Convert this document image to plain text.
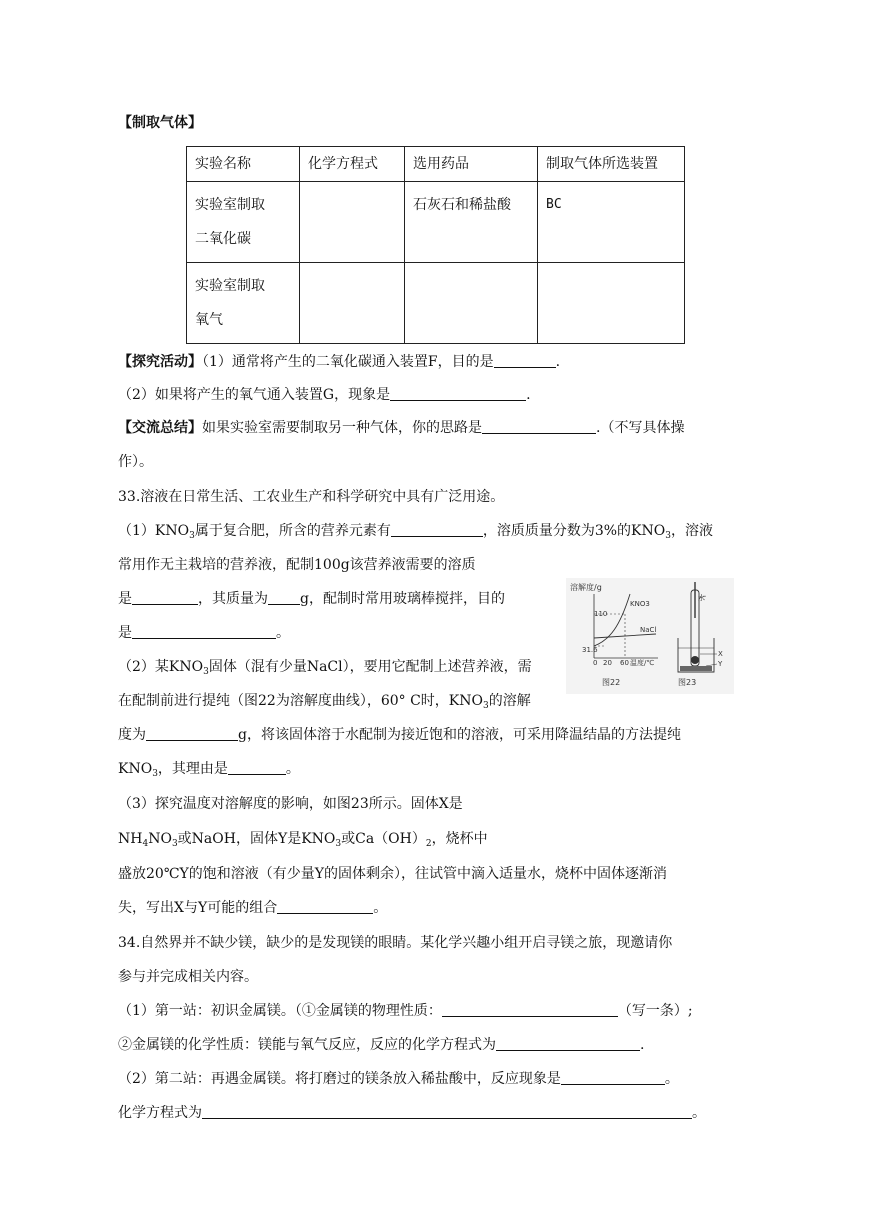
【制取气体】
实验名称	化学方程式	选用药品	制取气体所选装置

实验室制取
二氧化碳		石灰石和稀盐酸	BC

实验室制取
氧气			

【探究活动】（1）通常将产生的二氧化碳通入装置F，目的是	.
（2）如果将产生的氧气通入装置G，现象是	.
【交流总结】如果实验室需要制取另一种气体，你的思路是	.（不写具体操
作）。
33.溶液在日常生活、工农业生产和科学研究中具有广泛用途。
$(1)KNO_3$属于复合肥，所含的营养元素有	，溶质质量分数为3%的$KNO_3$，溶液
常用作无主栽培的营养液，配制100g该营养液需要的溶质
是	，其质量为 g，配制时常用玻璃棒搅拌，目的
是	。
（2）某$KNO_3$固体（混有少量NaCl），要用它配制上述营养液，需
在配制前进行提纯（图22为溶解度曲线），60° C时，$KNO_3$的溶解
度为	g，将该固体溶于水配制为接近饱和的溶液，可采用降温结晶的方法提纯
$KNO_3$，其理由是	。
（3）探究温度对溶解度的影响，如图23所示。固体X是
$NH_4NO_3$或NaOH，固体Y是$KNO_3$或$Ca(OH)_2$，烧杯中
盛放20℃Y的饱和溶液（有少量Y的固体剩余），往试管中滴入适量水，烧杯中固体逐渐消
失，写出X与Y可能的组合	。
34.自然界并不缺少镁，缺少的是发现镁的眼睛。某化学兴趣小组开启寻镁之旅，现邀请你
参与并完成相关内容。
（1）第一站：初识金属镁。（①金属镁的物理性质：	（写一条）;
②金属镁的化学性质：镁能与氧气反应，反应的化学方程式为	.
（2）第二站：再遇金属镁。将打磨过的镁条放入稀盐酸中，反应现象是	。
化学方程式为	。
溶解度/g
110
31.6
0 20 60 温度/℃
KNO3
NaCl
图22	图23
水
X
Y
